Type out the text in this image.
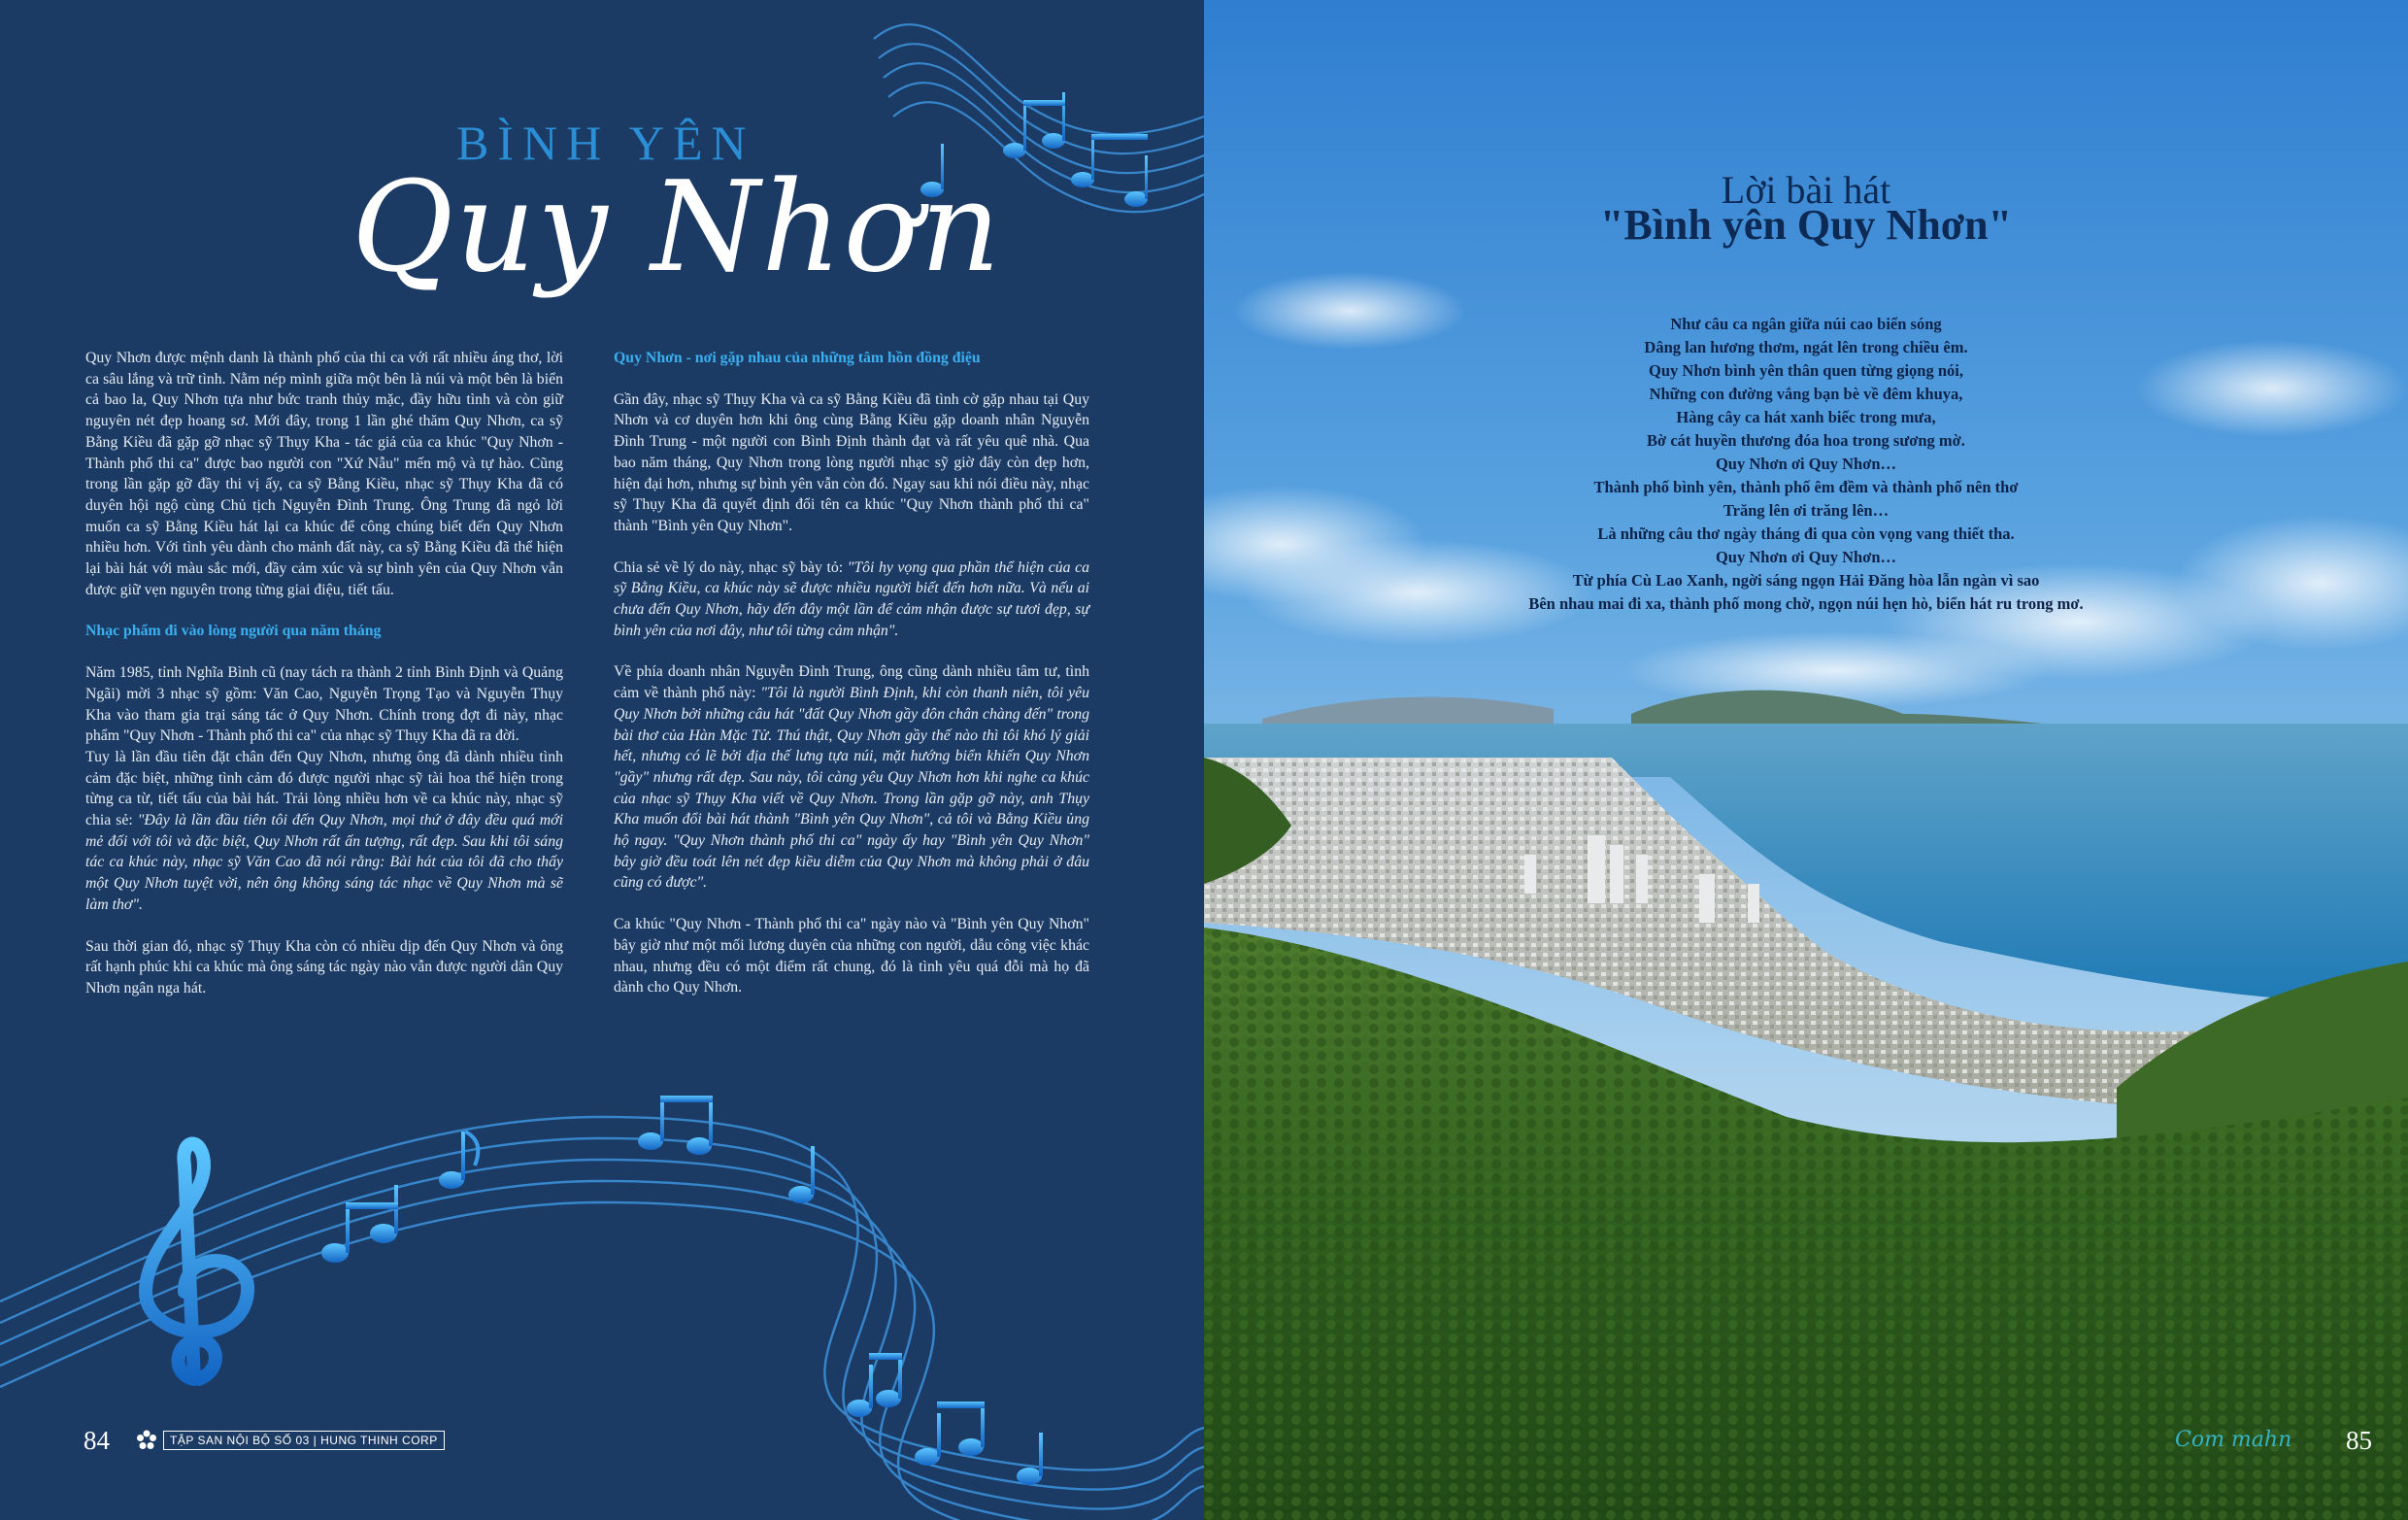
BÌNH YÊN
Quy Nhơn

Quy Nhơn được mệnh danh là thành phố của thi ca với rất nhiều áng thơ, lời ca sâu lắng và trữ tình. Nằm nép mình giữa một bên là núi và một bên là biển cả bao la, Quy Nhơn tựa như bức tranh thủy mặc, đầy hữu tình và còn giữ nguyên nét đẹp hoang sơ. Mới đây, trong 1 lần ghé thăm Quy Nhơn, ca sỹ Bằng Kiều đã gặp gỡ nhạc sỹ Thụy Kha - tác giả của ca khúc "Quy Nhơn - Thành phố thi ca" được bao người con "Xứ Nẫu" mến mộ và tự hào. Cũng trong lần gặp gỡ đầy thi vị ấy, ca sỹ Bằng Kiều, nhạc sỹ Thụy Kha đã có duyên hội ngộ cùng Chủ tịch Nguyễn Đình Trung. Ông Trung đã ngỏ lời muốn ca sỹ Bằng Kiều hát lại ca khúc để công chúng biết đến Quy Nhơn nhiều hơn. Với tình yêu dành cho mảnh đất này, ca sỹ Bằng Kiều đã thể hiện lại bài hát với màu sắc mới, đầy cảm xúc và sự bình yên của Quy Nhơn vẫn được giữ vẹn nguyên trong từng giai điệu, tiết tấu.

Nhạc phẩm đi vào lòng người qua năm tháng

Năm 1985, tỉnh Nghĩa Bình cũ (nay tách ra thành 2 tỉnh Bình Định và Quảng Ngãi) mời 3 nhạc sỹ gồm: Văn Cao, Nguyễn Trọng Tạo và Nguyễn Thụy Kha vào tham gia trại sáng tác ở Quy Nhơn. Chính trong đợt đi này, nhạc phẩm "Quy Nhơn - Thành phố thi ca" của nhạc sỹ Thụy Kha đã ra đời.

Tuy là lần đầu tiên đặt chân đến Quy Nhơn, nhưng ông đã dành nhiều tình cảm đặc biệt, những tình cảm đó được người nhạc sỹ tài hoa thể hiện trong từng ca từ, tiết tấu của bài hát. Trải lòng nhiều hơn về ca khúc này, nhạc sỹ chia sẻ: "Đây là lần đầu tiên tôi đến Quy Nhơn, mọi thứ ở đây đều quá mới mẻ đối với tôi và đặc biệt, Quy Nhơn rất ấn tượng, rất đẹp. Sau khi tôi sáng tác ca khúc này, nhạc sỹ Văn Cao đã nói rằng: Bài hát của tôi đã cho thấy một Quy Nhơn tuyệt vời, nên ông không sáng tác nhạc về Quy Nhơn mà sẽ làm thơ".

Sau thời gian đó, nhạc sỹ Thụy Kha còn có nhiều dịp đến Quy Nhơn và ông rất hạnh phúc khi ca khúc mà ông sáng tác ngày nào vẫn được người dân Quy Nhơn ngân nga hát.

Quy Nhơn - nơi gặp nhau của những tâm hồn đồng điệu

Gần đây, nhạc sỹ Thụy Kha và ca sỹ Bằng Kiều đã tình cờ gặp nhau tại Quy Nhơn và cơ duyên hơn khi ông cùng Bằng Kiều gặp doanh nhân Nguyễn Đình Trung - một người con Bình Định thành đạt và rất yêu quê nhà. Qua bao năm tháng, Quy Nhơn trong lòng người nhạc sỹ giờ đây còn đẹp hơn, hiện đại hơn, nhưng sự bình yên vẫn còn đó. Ngay sau khi nói điều này, nhạc sỹ Thụy Kha đã quyết định đổi tên ca khúc "Quy Nhơn thành phố thi ca" thành "Bình yên Quy Nhơn".

Chia sẻ về lý do này, nhạc sỹ bày tỏ: "Tôi hy vọng qua phần thể hiện của ca sỹ Bằng Kiều, ca khúc này sẽ được nhiều người biết đến hơn nữa. Và nếu ai chưa đến Quy Nhơn, hãy đến đây một lần để cảm nhận được sự tươi đẹp, sự bình yên của nơi đây, như tôi từng cảm nhận".

Về phía doanh nhân Nguyễn Đình Trung, ông cũng dành nhiều tâm tư, tình cảm về thành phố này: "Tôi là người Bình Định, khi còn thanh niên, tôi yêu Quy Nhơn bởi những câu hát "đất Quy Nhơn gầy đôn chân chàng đến" trong bài thơ của Hàn Mặc Tử. Thú thật, Quy Nhơn gầy thế nào thì tôi khó lý giải hết, nhưng có lẽ bởi địa thế lưng tựa núi, mặt hướng biển khiến Quy Nhơn "gầy" nhưng rất đẹp. Sau này, tôi càng yêu Quy Nhơn hơn khi nghe ca khúc của nhạc sỹ Thụy Kha viết về Quy Nhơn. Trong lần gặp gỡ này, anh Thụy Kha muốn đổi bài hát thành "Bình yên Quy Nhơn", cả tôi và Bằng Kiều ủng hộ ngay. "Quy Nhơn thành phố thi ca" ngày ấy hay "Bình yên Quy Nhơn" bây giờ đều toát lên nét đẹp kiều diễm của Quy Nhơn mà không phải ở đâu cũng có được".

Ca khúc "Quy Nhơn - Thành phố thi ca" ngày nào và "Bình yên Quy Nhơn" bây giờ như một mối lương duyên của những con người, dẫu công việc khác nhau, nhưng đều có một điểm rất chung, đó là tình yêu quá đỗi mà họ đã dành cho Quy Nhơn.

84	TẬP SAN NỘI BỘ SỐ 03 | HUNG THINH CORP
Lời bài hát
"Bình yên Quy Nhơn"
Như câu ca ngân giữa núi cao biển sóng
Dâng lan hương thơm, ngát lên trong chiều êm.
Quy Nhơn bình yên thân quen từng giọng nói,
Những con đường vắng bạn bè về đêm khuya,
Hàng cây ca hát xanh biếc trong mưa,
Bờ cát huyền thương đóa hoa trong sương mờ.
Quy Nhơn ơi Quy Nhơn…
Thành phố bình yên, thành phố êm đềm và thành phố nên thơ
Trăng lên ơi trăng lên…
Là những câu thơ ngày tháng đi qua còn vọng vang thiết tha.
Quy Nhơn ơi Quy Nhơn…
Từ phía Cù Lao Xanh, ngời sáng ngọn Hải Đăng hòa lẫn ngàn vì sao
Bên nhau mai đi xa, thành phố mong chờ, ngọn núi hẹn hò, biển hát ru trong mơ.
Com mahn 85
